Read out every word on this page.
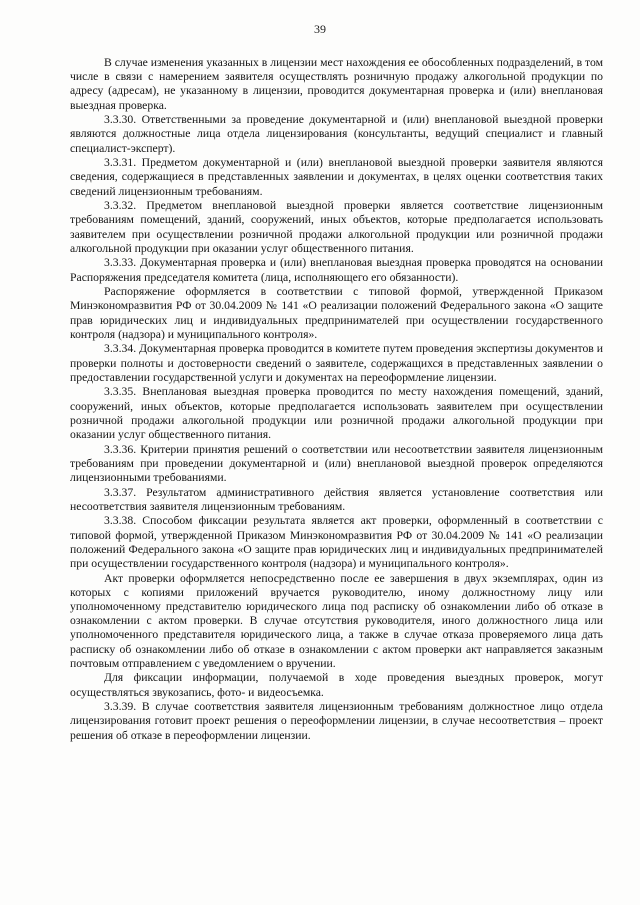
39

В случае изменения указанных в лицензии мест нахождения ее обособленных подразделений, в том числе в связи с намерением заявителя осуществлять розничную продажу алкогольной продукции по адресу (адресам), не указанному в лицензии, проводится документарная проверка и (или) внеплановая выездная проверка.

3.3.30. Ответственными за проведение документарной и (или) внеплановой выездной проверки являются должностные лица отдела лицензирования (консультанты, ведущий специалист и главный специалист-эксперт).

3.3.31. Предметом документарной и (или) внеплановой выездной проверки заявителя являются сведения, содержащиеся в представленных заявлении и документах, в целях оценки соответствия таких сведений лицензионным требованиям.

3.3.32. Предметом внеплановой выездной проверки является соответствие лицензионным требованиям помещений, зданий, сооружений, иных объектов, которые предполагается использовать заявителем при осуществлении розничной продажи алкогольной продукции или розничной продажи алкогольной продукции при оказании услуг общественного питания.

3.3.33. Документарная проверка и (или) внеплановая выездная проверка проводятся на основании Распоряжения председателя комитета (лица, исполняющего его обязанности).

Распоряжение оформляется в соответствии с типовой формой, утвержденной Приказом Минэкономразвития РФ от 30.04.2009 № 141 «О реализации положений Федерального закона «О защите прав юридических лиц и индивидуальных предпринимателей при осуществлении государственного контроля (надзора) и муниципального контроля».

3.3.34. Документарная проверка проводится в комитете путем проведения экспертизы документов и проверки полноты и достоверности сведений о заявителе, содержащихся в представленных заявлении о предоставлении государственной услуги и документах на переоформление лицензии.

3.3.35. Внеплановая выездная проверка проводится по месту нахождения помещений, зданий, сооружений, иных объектов, которые предполагается использовать заявителем при осуществлении розничной продажи алкогольной продукции или розничной продажи алкогольной продукции при оказании услуг общественного питания.

3.3.36. Критерии принятия решений о соответствии или несоответствии заявителя лицензионным требованиям при проведении документарной и (или) внеплановой выездной проверок определяются лицензионными требованиями.

3.3.37. Результатом административного действия является установление соответствия или несоответствия заявителя лицензионным требованиям.

3.3.38. Способом фиксации результата является акт проверки, оформленный в соответствии с типовой формой, утвержденной Приказом Минэкономразвития РФ от 30.04.2009 № 141 «О реализации положений Федерального закона «О защите прав юридических лиц и индивидуальных предпринимателей при осуществлении государственного контроля (надзора) и муниципального контроля».

Акт проверки оформляется непосредственно после ее завершения в двух экземплярах, один из которых с копиями приложений вручается руководителю, иному должностному лицу или уполномоченному представителю юридического лица под расписку об ознакомлении либо об отказе в ознакомлении с актом проверки. В случае отсутствия руководителя, иного должностного лица или уполномоченного представителя юридического лица, а также в случае отказа проверяемого лица дать расписку об ознакомлении либо об отказе в ознакомлении с актом проверки акт направляется заказным почтовым отправлением с уведомлением о вручении.

Для фиксации информации, получаемой в ходе проведения выездных проверок, могут осуществляться звукозапись, фото- и видеосъемка.

3.3.39. В случае соответствия заявителя лицензионным требованиям должностное лицо отдела лицензирования готовит проект решения о переоформлении лицензии, в случае несоответствия – проект решения об отказе в переоформлении лицензии.
